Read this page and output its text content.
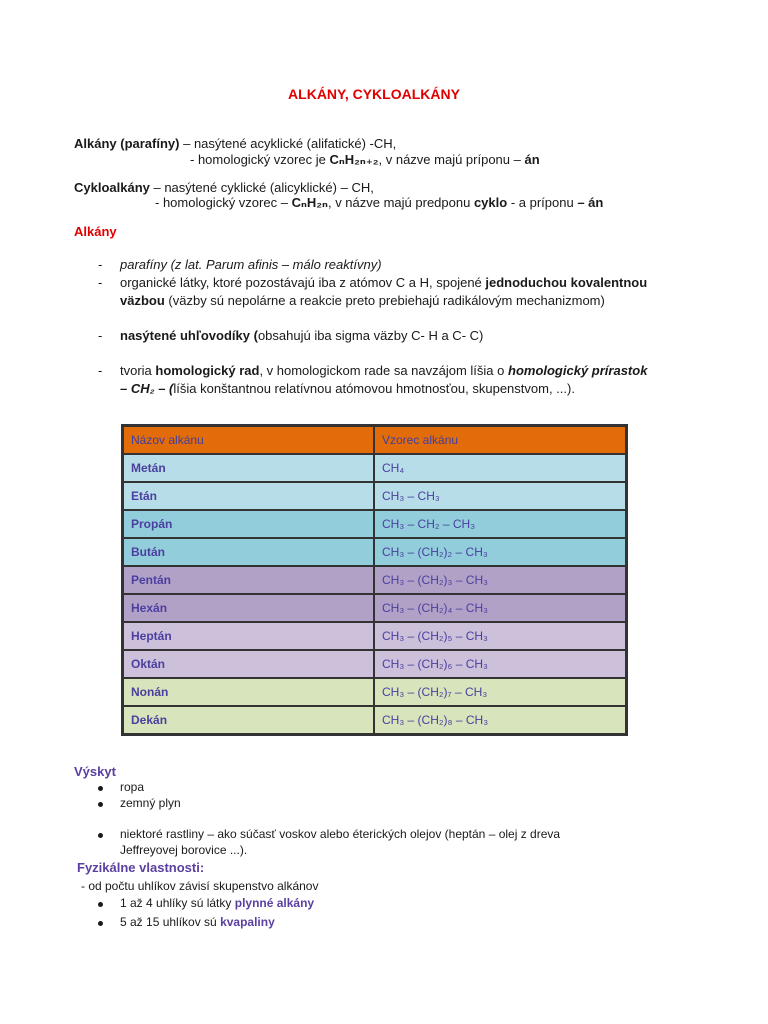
ALKÁNY, CYKLOALKÁNY
Alkány (parafíny) – nasýtené acyklické (alifatické) -CH,
- homologický vzorec je CₙH₂ₙ₊₂, v názve majú príponu – án
Cykloalkány – nasýtené cyklické (alicyklické) – CH,
- homologický vzorec – CₙH₂ₙ, v názve majú predponu cyklo - a príponu – án
Alkány
- parafíny (z lat. Parum afinis – málo reaktívny)
- organické látky, ktoré pozostávajú iba z atómov C a H, spojené jednoduchou kovalentnou
väzbou (väzby sú nepolárne a reakcie preto prebiehajú radikálovým mechanizmom)
- nasýtené uhľovodíky (obsahujú iba sigma väzby C- H a C- C)
- tvoria homologický rad, v homologickom rade sa navzájom líšia o homologický prírastok
– CH₂ – (líšia konštantnou relatívnou atómovou hmotnosťou, skupenstvom, ...).
Názov alkánu	Vzorec alkánu
Metán	CH₄
Etán	CH₃ – CH₃
Propán	CH₃ – CH₂ – CH₃
Bután	CH₃ – (CH₂)₂ – CH₃
Pentán	CH₃ – (CH₂)₃ – CH₃
Hexán	CH₃ – (CH₂)₄ – CH₃
Heptán	CH₃ – (CH₂)₅ – CH₃
Oktán	CH₃ – (CH₂)₆ – CH₃
Nonán	CH₃ – (CH₂)₇ – CH₃
Dekán	CH₃ – (CH₂)₈ – CH₃
Výskyt
ropa
zemný plyn
niektoré rastliny – ako súčasť voskov alebo éterických olejov (heptán – olej z dreva
Jeffreyovej borovice ...).
Fyzikálne vlastnosti:
- od počtu uhlíkov závisí skupenstvo alkánov
1 až 4 uhlíky sú látky plynné alkány
5 až 15 uhlíkov sú kvapaliny
